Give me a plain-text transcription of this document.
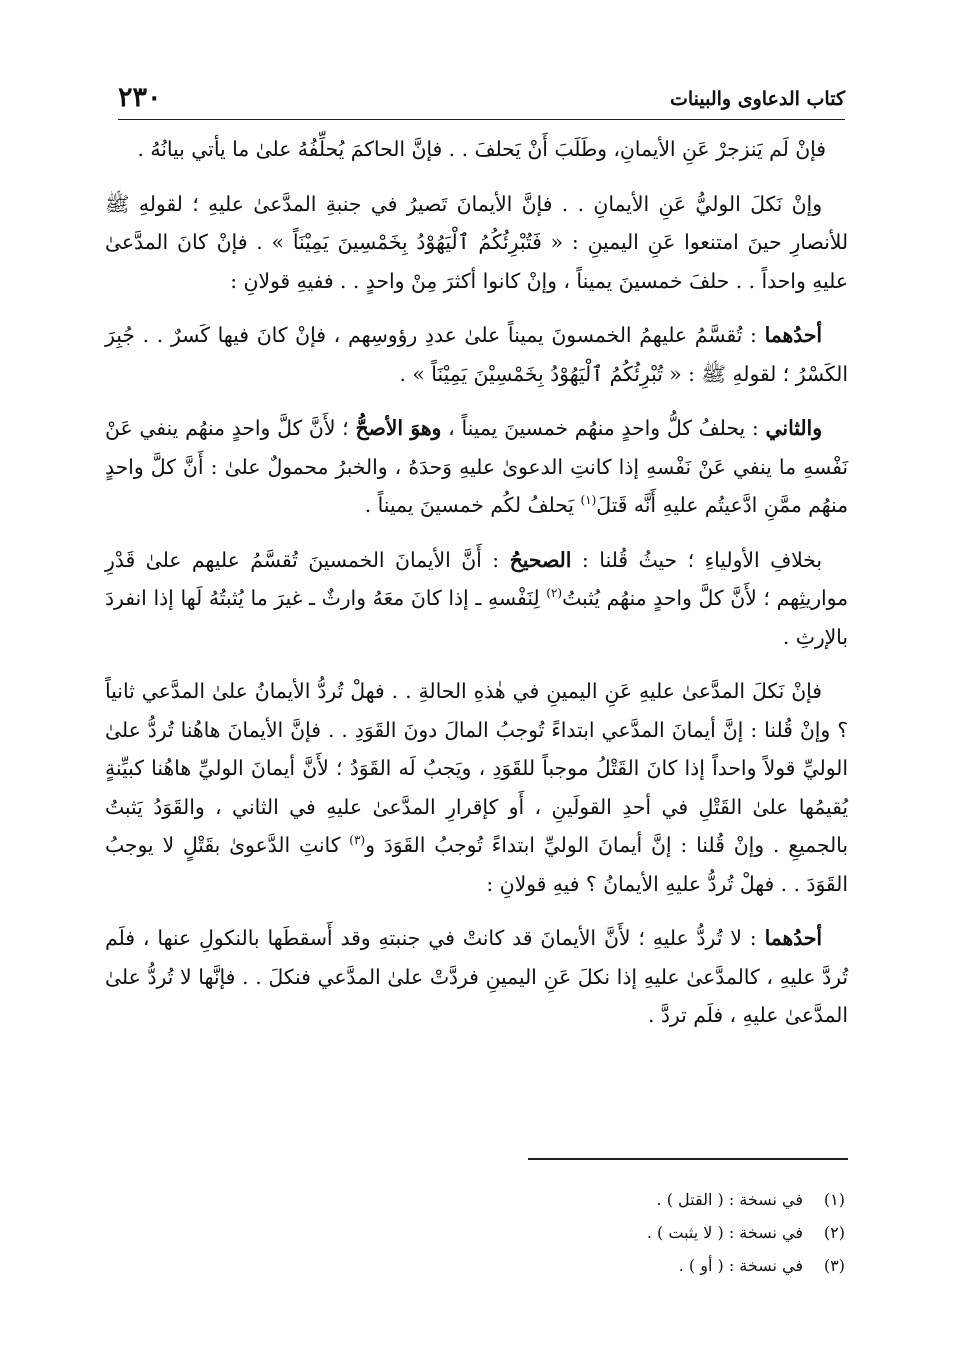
كتاب الدعاوى والبينات
٢٣٠

فإنْ لَم يَنزجرْ عَنِ الأيمانِ، وطَلَبَ أَنْ يَحلفَ . . فإنَّ الحاكمَ يُحلِّفُهُ علىٰ ما يأتي بيانُهُ .

وإنْ نَكلَ الوليُّ عَنِ الأيمانِ . . فإنَّ الأيمانَ تَصيرُ في جنبةِ المدَّعىٰ عليهِ ؛ لقولهِ ﷺ للأنصارِ حينَ امتنعوا عَنِ اليمينِ : « فَتُبْرِئُكُمُ ٱلْيَهُوْدُ بِخَمْسِينَ يَمِيْنَاً » . فإنْ كانَ المدَّعىٰ عليهِ واحداً . . حلفَ خمسينَ يميناً ، وإنْ كانوا أكثرَ مِنْ واحدٍ . . ففيهِ قولانِ :

أحدُهما : تُقسَّمُ عليهمُ الخمسونَ يميناً علىٰ عددِ رؤوسِهم ، فإنْ كانَ فيها كَسرٌ . . جُبِرَ الكَسْرُ ؛ لقولهِ ﷺ : « تُبْرِئُكُمُ ٱلْيَهُوْدُ بِخَمْسِيْنَ يَمِيْنَاً » .

والثاني : يحلفُ كلُّ واحدٍ منهُم خمسينَ يميناً ، وهوَ الأصحُّ ؛ لأَنَّ كلَّ واحدٍ منهُم ينفي عَنْ نَفْسهِ ما ينفي عَنْ نَفْسهِ إذا كانتِ الدعوىٰ عليهِ وَحدَهُ ، والخبرُ محمولٌ علىٰ : أَنَّ كلَّ واحدٍ منهُم ممَّنِ ادَّعيتُم عليهِ أَنَّه قَتلَ$^{(١)}$ يَحلفُ لكُم خمسينَ يميناً .

بخلافِ الأولياءِ ؛ حيثُ قُلنا : الصحيحُ : أَنَّ الأيمانَ الخمسينَ تُقسَّمُ عليهم علىٰ قَدْرِ مواريثِهم ؛ لأَنَّ كلَّ واحدٍ منهُم يُثبتُ$^{(٢)}$ لِنَفْسهِ ـ إذا كانَ معَهُ وارثٌ ـ غيرَ ما يُثبتُهُ لَها إذا انفردَ بالإرثِ .

فإنْ نَكلَ المدَّعىٰ عليهِ عَنِ اليمينِ في هٰذهِ الحالةِ . . فهلْ تُردُّ الأيمانُ علىٰ المدَّعي ثانياً ؟ وإنْ قُلنا : إنَّ أيمانَ المدَّعي ابتداءً تُوجبُ المالَ دونَ القَوَدِ . . فإنَّ الأيمانَ هاهُنا تُردُّ علىٰ الوليِّ قولاً واحداً إذا كانَ القَتْلُ موجباً للقَوَدِ ، ويَجبُ لَه القَوَدُ ؛ لأَنَّ أيمانَ الوليِّ هاهُنا كبيِّنةٍ يُقيمُها علىٰ القَتْلِ في أحدِ القولَينِ ، أَو كإقرارِ المدَّعىٰ عليهِ في الثاني ، والقَوَدُ يَثبتُ بالجميعِ . وإنْ قُلنا : إنَّ أيمانَ الوليِّ ابتداءً تُوجبُ القَوَدَ و$^{(٣)}$ كانتِ الدَّعوىٰ بقَتْلٍ لا يوجبُ القَوَدَ . . فهلْ تُردُّ عليهِ الأيمانُ ؟ فيهِ قولانِ :

أحدُهما : لا تُردُّ عليهِ ؛ لأَنَّ الأيمانَ قد كانتْ في جنبتهِ وقد أَسقطَها بالنكولِ عنها ، فلَم تُردَّ عليهِ ، كالمدَّعىٰ عليهِ إذا نكلَ عَنِ اليمينِ فردَّتْ علىٰ المدَّعي فنكلَ . . فإنَّها لا تُردُّ علىٰ المدَّعىٰ عليهِ ، فلَم تردَّ .

(١)في نسخة : ( القتل ) .
(٢)في نسخة : ( لا يثبت ) .
(٣)في نسخة : ( أو ) .
